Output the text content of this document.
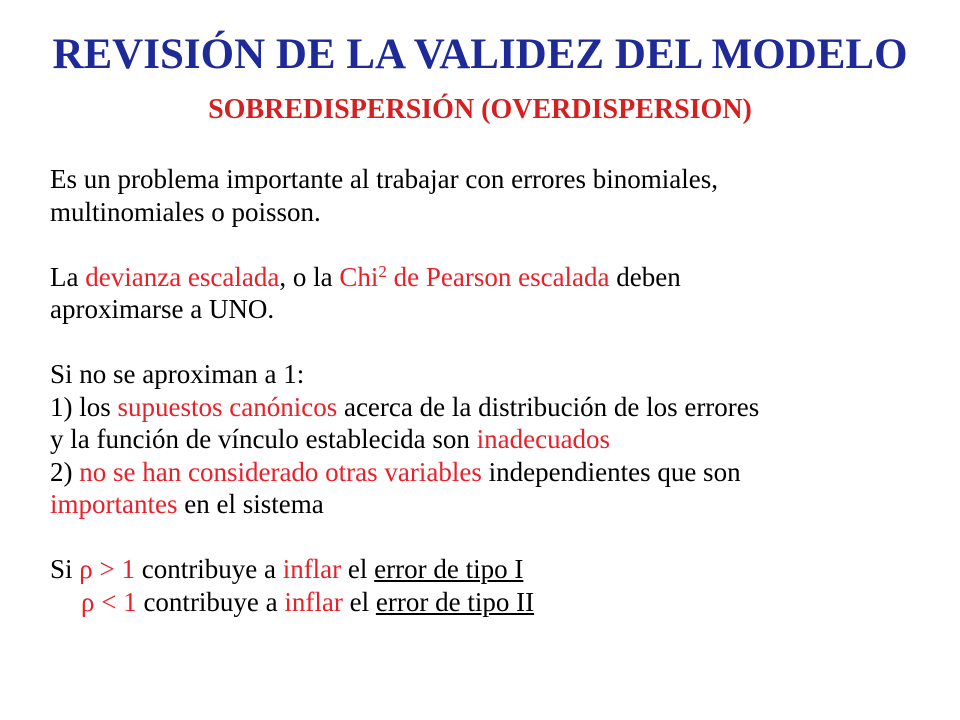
REVISIÓN DE LA VALIDEZ DEL MODELO
SOBREDISPERSIÓN (OVERDISPERSION)
Es un problema importante al trabajar con errores binomiales,
multinomiales o poisson.
La devianza escalada, o la Chi$^2$ de Pearson escalada deben
aproximarse a UNO.
Si no se aproximan a 1:
1) los supuestos canónicos acerca de la distribución de los errores
y la función de vínculo establecida son inadecuados
2) no se han considerado otras variables independientes que son
importantes en el sistema
Si ρ > 1 contribuye a inflar el error de tipo I
ρ < 1 contribuye a inflar el error de tipo II
